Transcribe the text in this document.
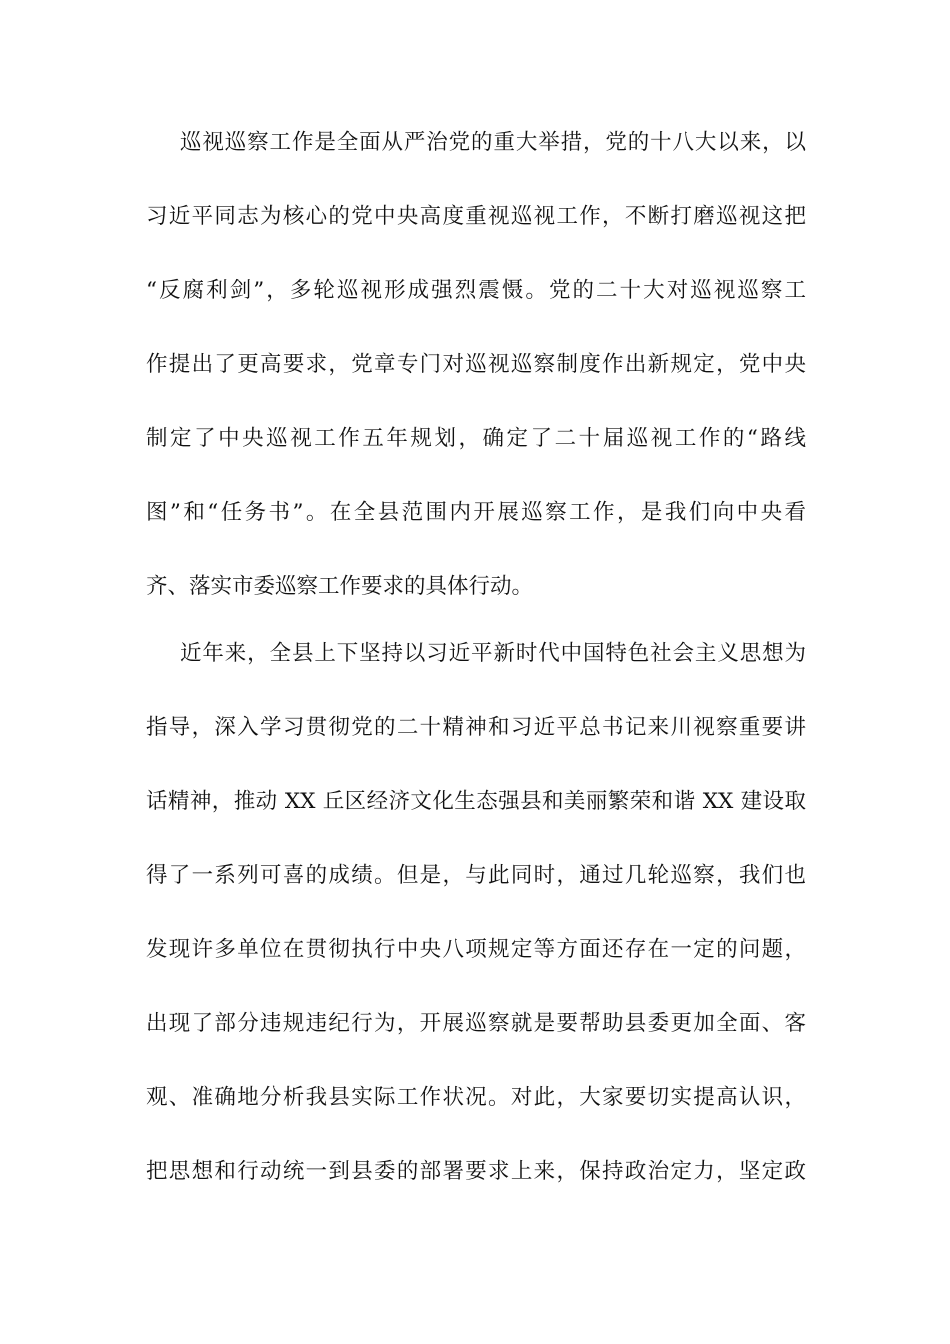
巡视巡察工作是全面从严治党的重大举措，党的十八大以来，以
习近平同志为核心的党中央高度重视巡视工作，不断打磨巡视这把
“反腐利剑”，多轮巡视形成强烈震慑。党的二十大对巡视巡察工
作提出了更高要求，党章专门对巡视巡察制度作出新规定，党中央
制定了中央巡视工作五年规划，确定了二十届巡视工作的“路线
图”和“任务书”。在全县范围内开展巡察工作，是我们向中央看
齐、落实市委巡察工作要求的具体行动。
近年来，全县上下坚持以习近平新时代中国特色社会主义思想为
指导，深入学习贯彻党的二十精神和习近平总书记来川视察重要讲
话精神，推动 XX 丘区经济文化生态强县和美丽繁荣和谐 XX 建设取
得了一系列可喜的成绩。但是，与此同时，通过几轮巡察，我们也
发现许多单位在贯彻执行中央八项规定等方面还存在一定的问题，
出现了部分违规违纪行为，开展巡察就是要帮助县委更加全面、客
观、准确地分析我县实际工作状况。对此，大家要切实提高认识，
把思想和行动统一到县委的部署要求上来，保持政治定力，坚定政
